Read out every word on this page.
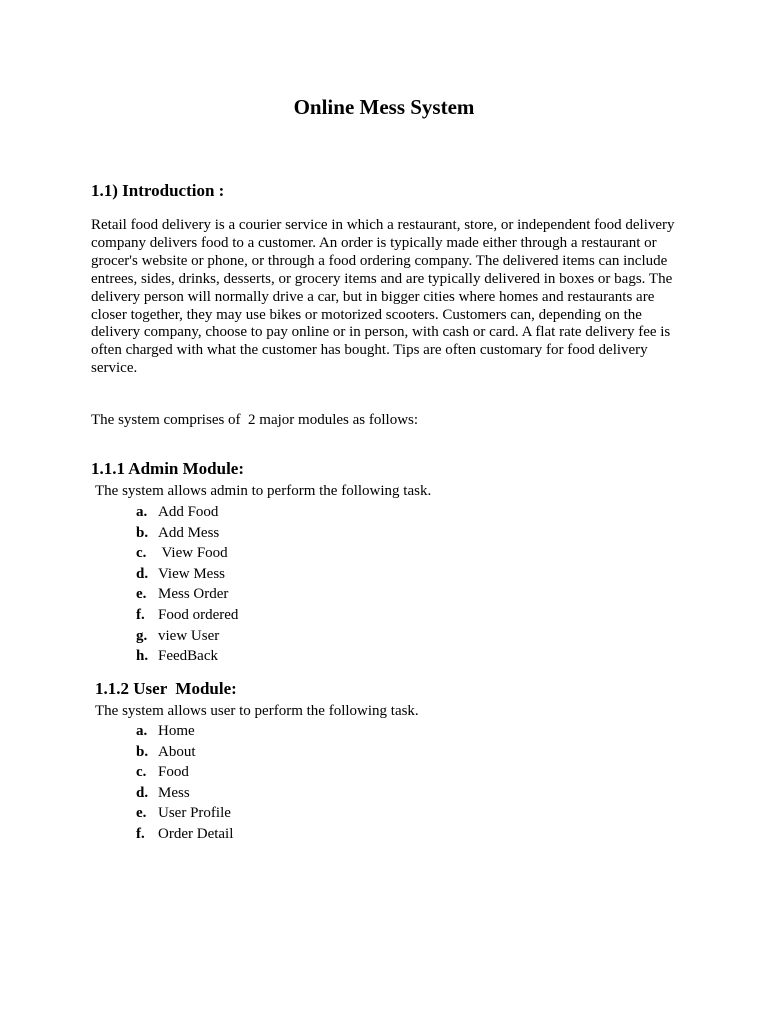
Online Mess System
1.1) Introduction :

Retail food delivery is a courier service in which a restaurant, store, or independent food delivery company delivers food to a customer. An order is typically made either through a restaurant or grocer's website or phone, or through a food ordering company. The delivered items can include entrees, sides, drinks, desserts, or grocery items and are typically delivered in boxes or bags. The delivery person will normally drive a car, but in bigger cities where homes and restaurants are closer together, they may use bikes or motorized scooters. Customers can, depending on the delivery company, choose to pay online or in person, with cash or card. A flat rate delivery fee is often charged with what the customer has bought. Tips are often customary for food delivery service.

The system comprises of  2 major modules as follows:

1.1.1 Admin Module:

The system allows admin to perform the following task.

a. Add Food
b. Add Mess
c. View Food
d. View Mess
e. Mess Order
f. Food ordered
g. view User
h. FeedBack
1.1.2 User  Module:

The system allows user to perform the following task.

a. Home
b. About
c. Food
d. Mess
e. User Profile
f. Order Detail
